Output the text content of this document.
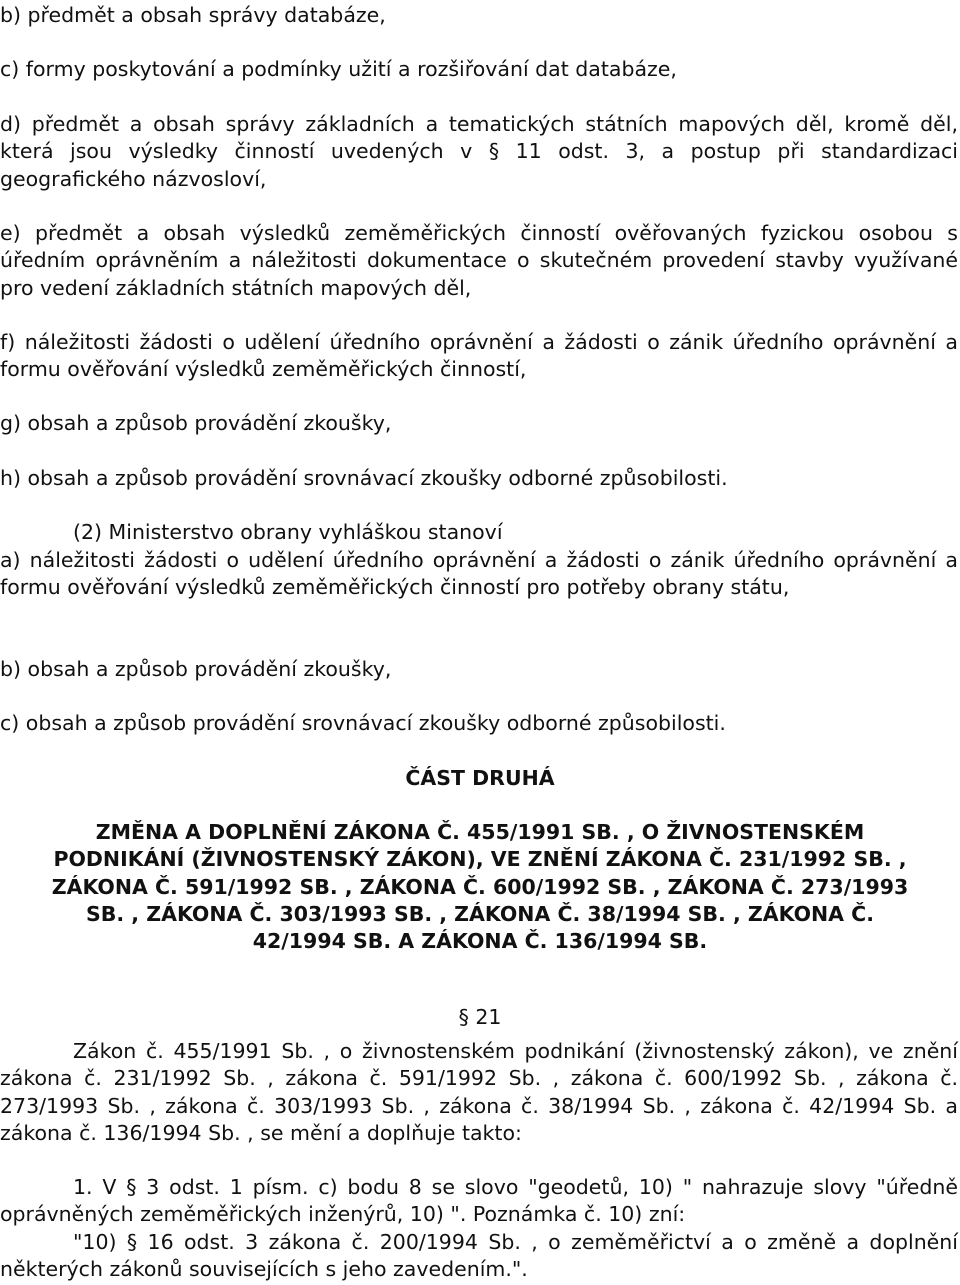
b) předmět a obsah správy databáze,

c) formy poskytování a podmínky užití a rozšiřování dat databáze,

d) předmět a obsah správy základních a tematických státních mapových děl, kromě děl, která jsou výsledky činností uvedených v § 11 odst. 3, a postup při standardizaci geografického názvosloví,

e) předmět a obsah výsledků zeměměřických činností ověřovaných fyzickou osobou s úředním oprávněním a náležitosti dokumentace o skutečném provedení stavby využívané pro vedení základních státních mapových děl,

f) náležitosti žádosti o udělení úředního oprávnění a žádosti o zánik úředního oprávnění a formu ověřování výsledků zeměměřických činností,

g) obsah a způsob provádění zkoušky,

h) obsah a způsob provádění srovnávací zkoušky odborné způsobilosti.

(2) Ministerstvo obrany vyhláškou stanoví

a) náležitosti žádosti o udělení úředního oprávnění a žádosti o zánik úředního oprávnění a formu ověřování výsledků zeměměřických činností pro potřeby obrany státu,

b) obsah a způsob provádění zkoušky,

c) obsah a způsob provádění srovnávací zkoušky odborné způsobilosti.

ČÁST DRUHÁ

ZMĚNA A DOPLNĚNÍ ZÁKONA Č. 455/1991 SB. , O ŽIVNOSTENSKÉM
PODNIKÁNÍ (ŽIVNOSTENSKÝ ZÁKON), VE ZNĚNÍ ZÁKONA Č. 231/1992 SB. ,
ZÁKONA Č. 591/1992 SB. , ZÁKONA Č. 600/1992 SB. , ZÁKONA Č. 273/1993
SB. , ZÁKONA Č. 303/1993 SB. , ZÁKONA Č. 38/1994 SB. , ZÁKONA Č.
42/1994 SB. A ZÁKONA Č. 136/1994 SB.

§ 21

Zákon č. 455/1991 Sb. , o živnostenském podnikání (živnostenský zákon), ve znění zákona č. 231/1992 Sb. , zákona č. 591/1992 Sb. , zákona č. 600/1992 Sb. , zákona č. 273/1993 Sb. , zákona č. 303/1993 Sb. , zákona č. 38/1994 Sb. , zákona č. 42/1994 Sb. a zákona č. 136/1994 Sb. , se mění a doplňuje takto:

1. V § 3 odst. 1 písm. c) bodu 8 se slovo "geodetů, 10) " nahrazuje slovy "úředně oprávněných zeměměřických inženýrů, 10) ". Poznámka č. 10) zní:

"10) § 16 odst. 3 zákona č. 200/1994 Sb. , o zeměměřictví a o změně a doplnění některých zákonů souvisejících s jeho zavedením.".
